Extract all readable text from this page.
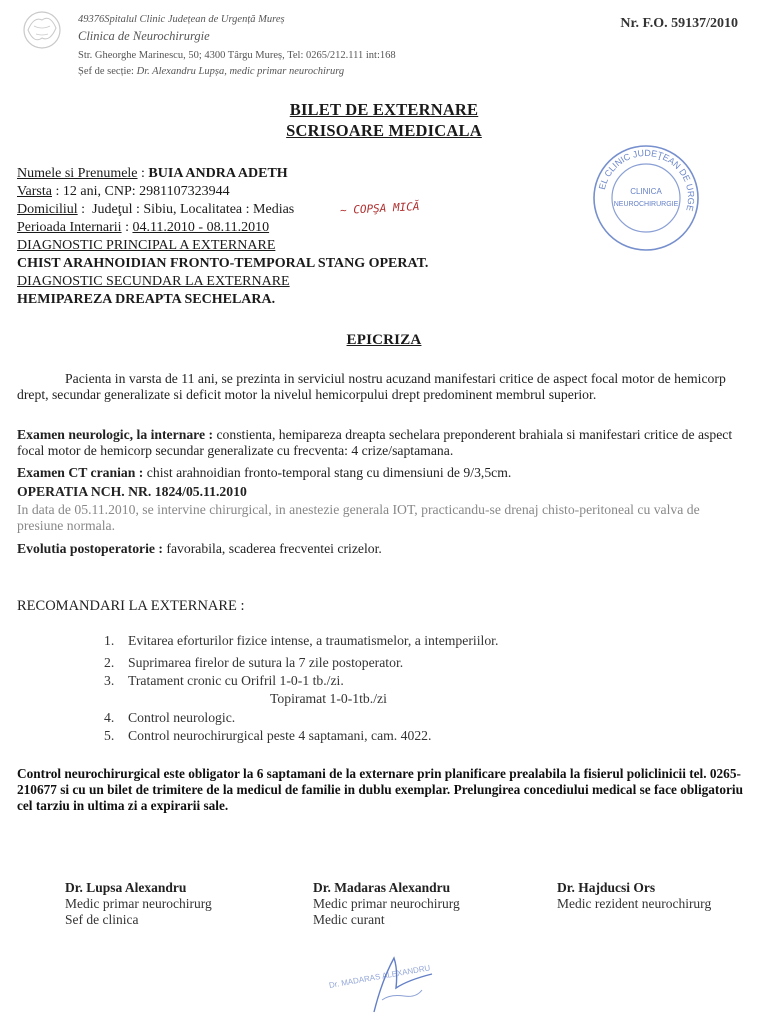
49376Spitalul Clinic Județean de Urgență Mureș
Clinica de Neurochirurgie
Str. Gheorghe Marinescu, 50; 4300 Târgu Mureș, Tel: 0265/212.111 int:168
Șef de secție: Dr. Alexandru Lupșa, medic primar neurochirurg
Nr. F.O. 59137/2010
BILET DE EXTERNARE
SCRISOARE MEDICALA
EL CLINIC JUDEŢEAN DE URGE
CLINICA
NEUROCHIRURGIE
Numele si Prenumele : BUIA ANDRA ADETH
Varsta : 12 ani, CNP: 2981107323944
Domiciliul :  Judeţul : Sibiu, Localitatea : Medias	~ COPŞA MICĂ
Perioada Internarii : 04.11.2010 - 08.11.2010
DIAGNOSTIC PRINCIPAL A EXTERNARE
CHIST ARAHNOIDIAN FRONTO-TEMPORAL STANG OPERAT.
DIAGNOSTIC SECUNDAR LA EXTERNARE
HEMIPAREZA DREAPTA SECHELARA.
EPICRIZA
Pacienta in varsta de 11 ani, se prezinta in serviciul nostru acuzand manifestari critice de aspect focal motor de hemicorp drept, secundar generalizate si deficit motor la nivelul hemicorpului drept predominent membrul superior.
Examen neurologic, la internare : constienta, hemipareza dreapta sechelara preponderent brahiala si manifestari critice de aspect focal motor de hemicorp secundar generalizate cu frecventa: 4 crize/saptamana.
Examen CT cranian : chist arahnoidian fronto-temporal stang cu dimensiuni de 9/3,5cm.
OPERATIA NCH. NR. 1824/05.11.2010
In data de 05.11.2010, se intervine chirurgical, in anestezie generala IOT, practicandu-se drenaj chisto-peritoneal cu valva de presiune normala.
Evolutia postoperatorie : favorabila, scaderea frecventei crizelor.
RECOMANDARI LA EXTERNARE :
1. Evitarea eforturilor fizice intense, a traumatismelor, a intemperiilor.
2. Suprimarea firelor de sutura la 7 zile postoperator.
3. Tratament cronic cu Orifril 1-0-1 tb./zi.
Topiramat 1-0-1tb./zi
4. Control neurologic.
5. Control neurochirurgical peste 4 saptamani, cam. 4022.
Control neurochirurgical este obligator la 6 saptamani de la externare prin planificare prealabila la fisierul policlinicii tel. 0265-210677 si cu un bilet de trimitere de la medicul de familie in dublu exemplar. Prelungirea concediului medical se face obligatoriu cel tarziu in ultima zi a expirarii sale.
Dr. Lupsa Alexandru
Medic primar neurochirurg
Sef de clinica
Dr. Madaras Alexandru
Medic primar neurochirurg
Medic curant
Dr. Hajducsi Ors
Medic rezident neurochirurg
Dr. MADARAS ALEXANDRU
